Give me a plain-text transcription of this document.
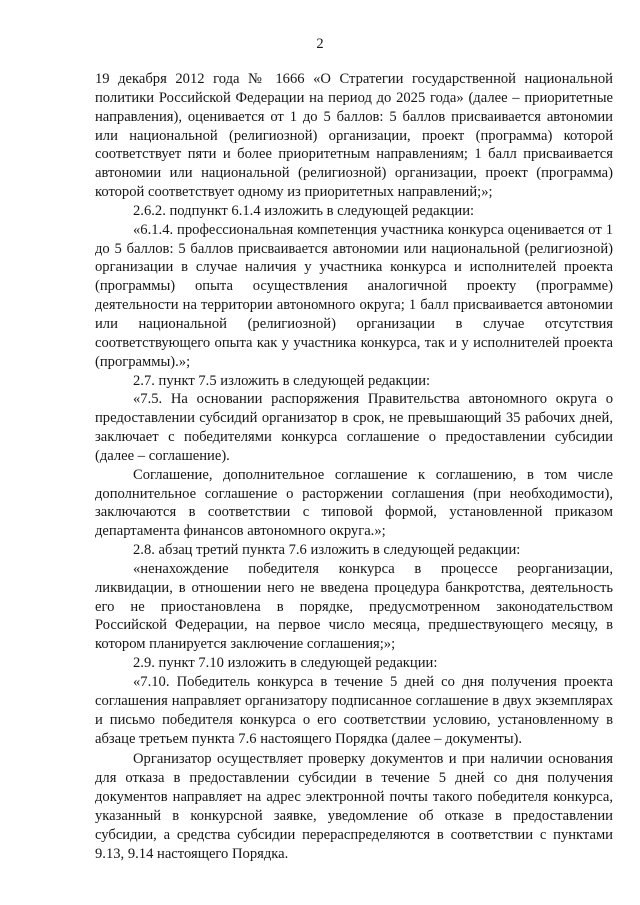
2

19 декабря 2012 года № 1666 «О Стратегии государственной национальной политики Российской Федерации на период до 2025 года» (далее – приоритетные направления), оценивается от 1 до 5 баллов: 5 баллов присваивается автономии или национальной (религиозной) организации, проект (программа) которой соответствует пяти и более приоритетным направлениям; 1 балл присваивается автономии или национальной (религиозной) организации, проект (программа) которой соответствует одному из приоритетных направлений;»;

2.6.2. подпункт 6.1.4 изложить в следующей редакции:

«6.1.4. профессиональная компетенция участника конкурса оценивается от 1 до 5 баллов: 5 баллов присваивается автономии или национальной (религиозной) организации в случае наличия у участника конкурса и исполнителей проекта (программы) опыта осуществления аналогичной проекту (программе) деятельности на территории автономного округа; 1 балл присваивается автономии или национальной (религиозной) организации в случае отсутствия соответствующего опыта как у участника конкурса, так и у исполнителей проекта (программы).»;

2.7. пункт 7.5 изложить в следующей редакции:

«7.5. На основании распоряжения Правительства автономного округа о предоставлении субсидий организатор в срок, не превышающий 35 рабочих дней, заключает с победителями конкурса соглашение о предоставлении субсидии (далее – соглашение).

Соглашение, дополнительное соглашение к соглашению, в том числе дополнительное соглашение о расторжении соглашения (при необходимости), заключаются в соответствии с типовой формой, установленной приказом департамента финансов автономного округа.»;

2.8. абзац третий пункта 7.6 изложить в следующей редакции:

«ненахождение победителя конкурса в процессе реорганизации, ликвидации, в отношении него не введена процедура банкротства, деятельность его не приостановлена в порядке, предусмотренном законодательством Российской Федерации, на первое число месяца, предшествующего месяцу, в котором планируется заключение соглашения;»;

2.9. пункт 7.10 изложить в следующей редакции:

«7.10. Победитель конкурса в течение 5 дней со дня получения проекта соглашения направляет организатору подписанное соглашение в двух экземплярах и письмо победителя конкурса о его соответствии условию, установленному в абзаце третьем пункта 7.6 настоящего Порядка (далее – документы).

Организатор осуществляет проверку документов и при наличии основания для отказа в предоставлении субсидии в течение 5 дней со дня получения документов направляет на адрес электронной почты такого победителя конкурса, указанный в конкурсной заявке, уведомление об отказе в предоставлении субсидии, а средства субсидии перераспределяются в соответствии с пунктами 9.13, 9.14 настоящего Порядка.
